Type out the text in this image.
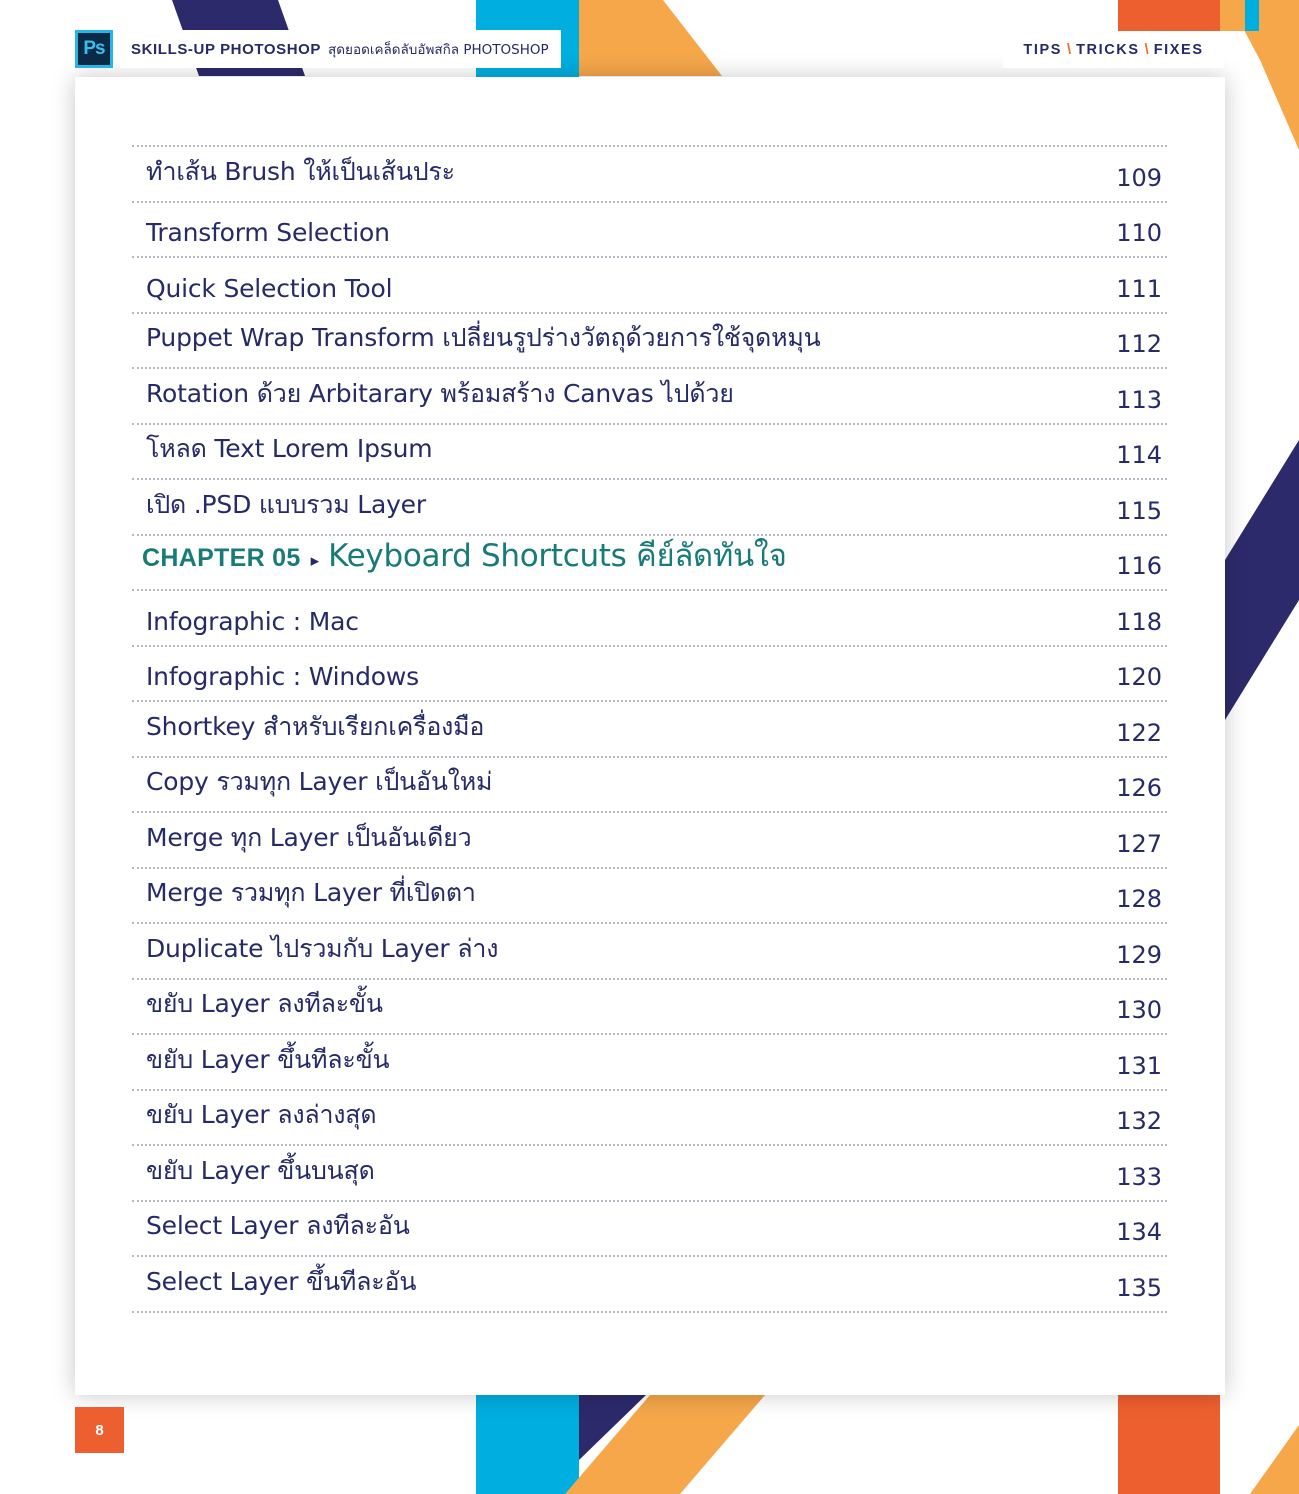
Ps	SKILLS-UP PHOTOSHOP สุดยอดเคล็ดลับอัพสกิล PHOTOSHOP	TIPS \ TRICKS \ FIXES
ทำเส้น Brush ให้เป็นเส้นประ	109
Transform Selection	110
Quick Selection Tool	111
Puppet Wrap Transform เปลี่ยนรูปร่างวัตถุด้วยการใช้จุดหมุน	112
Rotation ด้วย Arbitarary พร้อมสร้าง Canvas ไปด้วย	113
โหลด Text Lorem Ipsum	114
เปิด .PSD แบบรวม Layer	115
CHAPTER 05 ▸ Keyboard Shortcuts คีย์ลัดทันใจ	116
Infographic : Mac	118
Infographic : Windows	120
Shortkey สำหรับเรียกเครื่องมือ	122
Copy รวมทุก Layer เป็นอันใหม่	126
Merge ทุก Layer เป็นอันเดียว	127
Merge รวมทุก Layer ที่เปิดตา	128
Duplicate ไปรวมกับ Layer ล่าง	129
ขยับ Layer ลงทีละขั้น	130
ขยับ Layer ขึ้นทีละขั้น	131
ขยับ Layer ลงล่างสุด	132
ขยับ Layer ขึ้นบนสุด	133
Select Layer ลงทีละอัน	134
Select Layer ขึ้นทีละอัน	135
8
